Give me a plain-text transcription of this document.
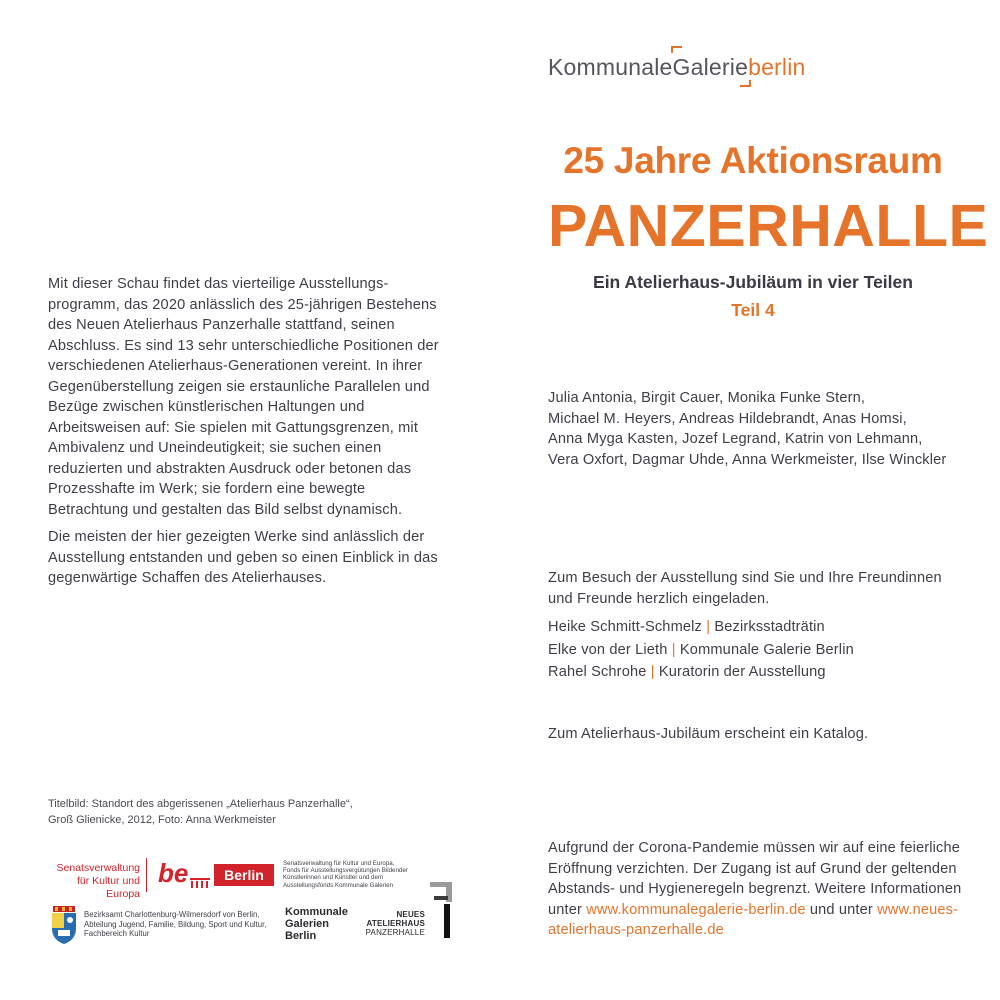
KommunaleGalerieberlin
25 Jahre Aktionsraum
PANZERHALLE
Ein Atelierhaus-Jubiläum in vier Teilen
Teil 4

Mit dieser Schau findet das vierteilige Ausstellungsprogramm, das 2020 anlässlich des 25-jährigen Bestehens des Neuen Atelierhaus Panzerhalle stattfand, seinen Abschluss. Es sind 13 sehr unterschiedliche Positionen der verschiedenen Atelierhaus-Generationen vereint. In ihrer Gegenüberstellung zeigen sie erstaunliche Parallelen und Bezüge zwischen künstlerischen Haltungen und Arbeitsweisen auf: Sie spielen mit Gattungsgrenzen, mit Ambivalenz und Uneindeutigkeit; sie suchen einen reduzierten und abstrakten Ausdruck oder betonen das Prozesshafte im Werk; sie fordern eine bewegte Betrachtung und gestalten das Bild selbst dynamisch.

Die meisten der hier gezeigten Werke sind anlässlich der Ausstellung entstanden und geben so einen Einblick in das gegenwärtige Schaffen des Atelierhauses.

Julia Antonia, Birgit Cauer, Monika Funke Stern,
Michael M. Heyers, Andreas Hildebrandt, Anas Homsi,
Anna Myga Kasten, Jozef Legrand, Katrin von Lehmann,
Vera Oxfort, Dagmar Uhde, Anna Werkmeister, Ilse Winckler

Zum Besuch der Ausstellung sind Sie und Ihre Freundinnen und Freunde herzlich eingeladen.

Heike Schmitt-Schmelz | Bezirksstadträtin
Elke von der Lieth | Kommunale Galerie Berlin
Rahel Schrohe | Kuratorin der Ausstellung
Zum Atelierhaus-Jubiläum erscheint ein Katalog.
Aufgrund der Corona-Pandemie müssen wir auf eine feierliche Eröffnung verzichten. Der Zugang ist auf Grund der geltenden Abstands- und Hygieneregeln begrenzt. Weitere Informationen unter www.kommunalegalerie-berlin.de und unter www.neues-atelierhaus-panzerhalle.de
Titelbild: Standort des abgerissenen „Atelierhaus Panzerhalle“,
Groß Glienicke, 2012, Foto: Anna Werkmeister
Senatsverwaltung
für Kultur und Europa
be	Berlin
Senatsverwaltung für Kultur und Europa, Fonds für Ausstellungsvergütungen Bildender Künstlerinnen und Künstler und dem Ausstellungsfonds Kommunale Galerien
Bezirksamt Charlottenburg-Wilmersdorf von Berlin, Abteilung Jugend, Familie, Bildung, Sport und Kultur, Fachbereich Kultur
Kommunale
Galerien
Berlin
NEUES
ATELIERHAUS
PANZERHALLE
